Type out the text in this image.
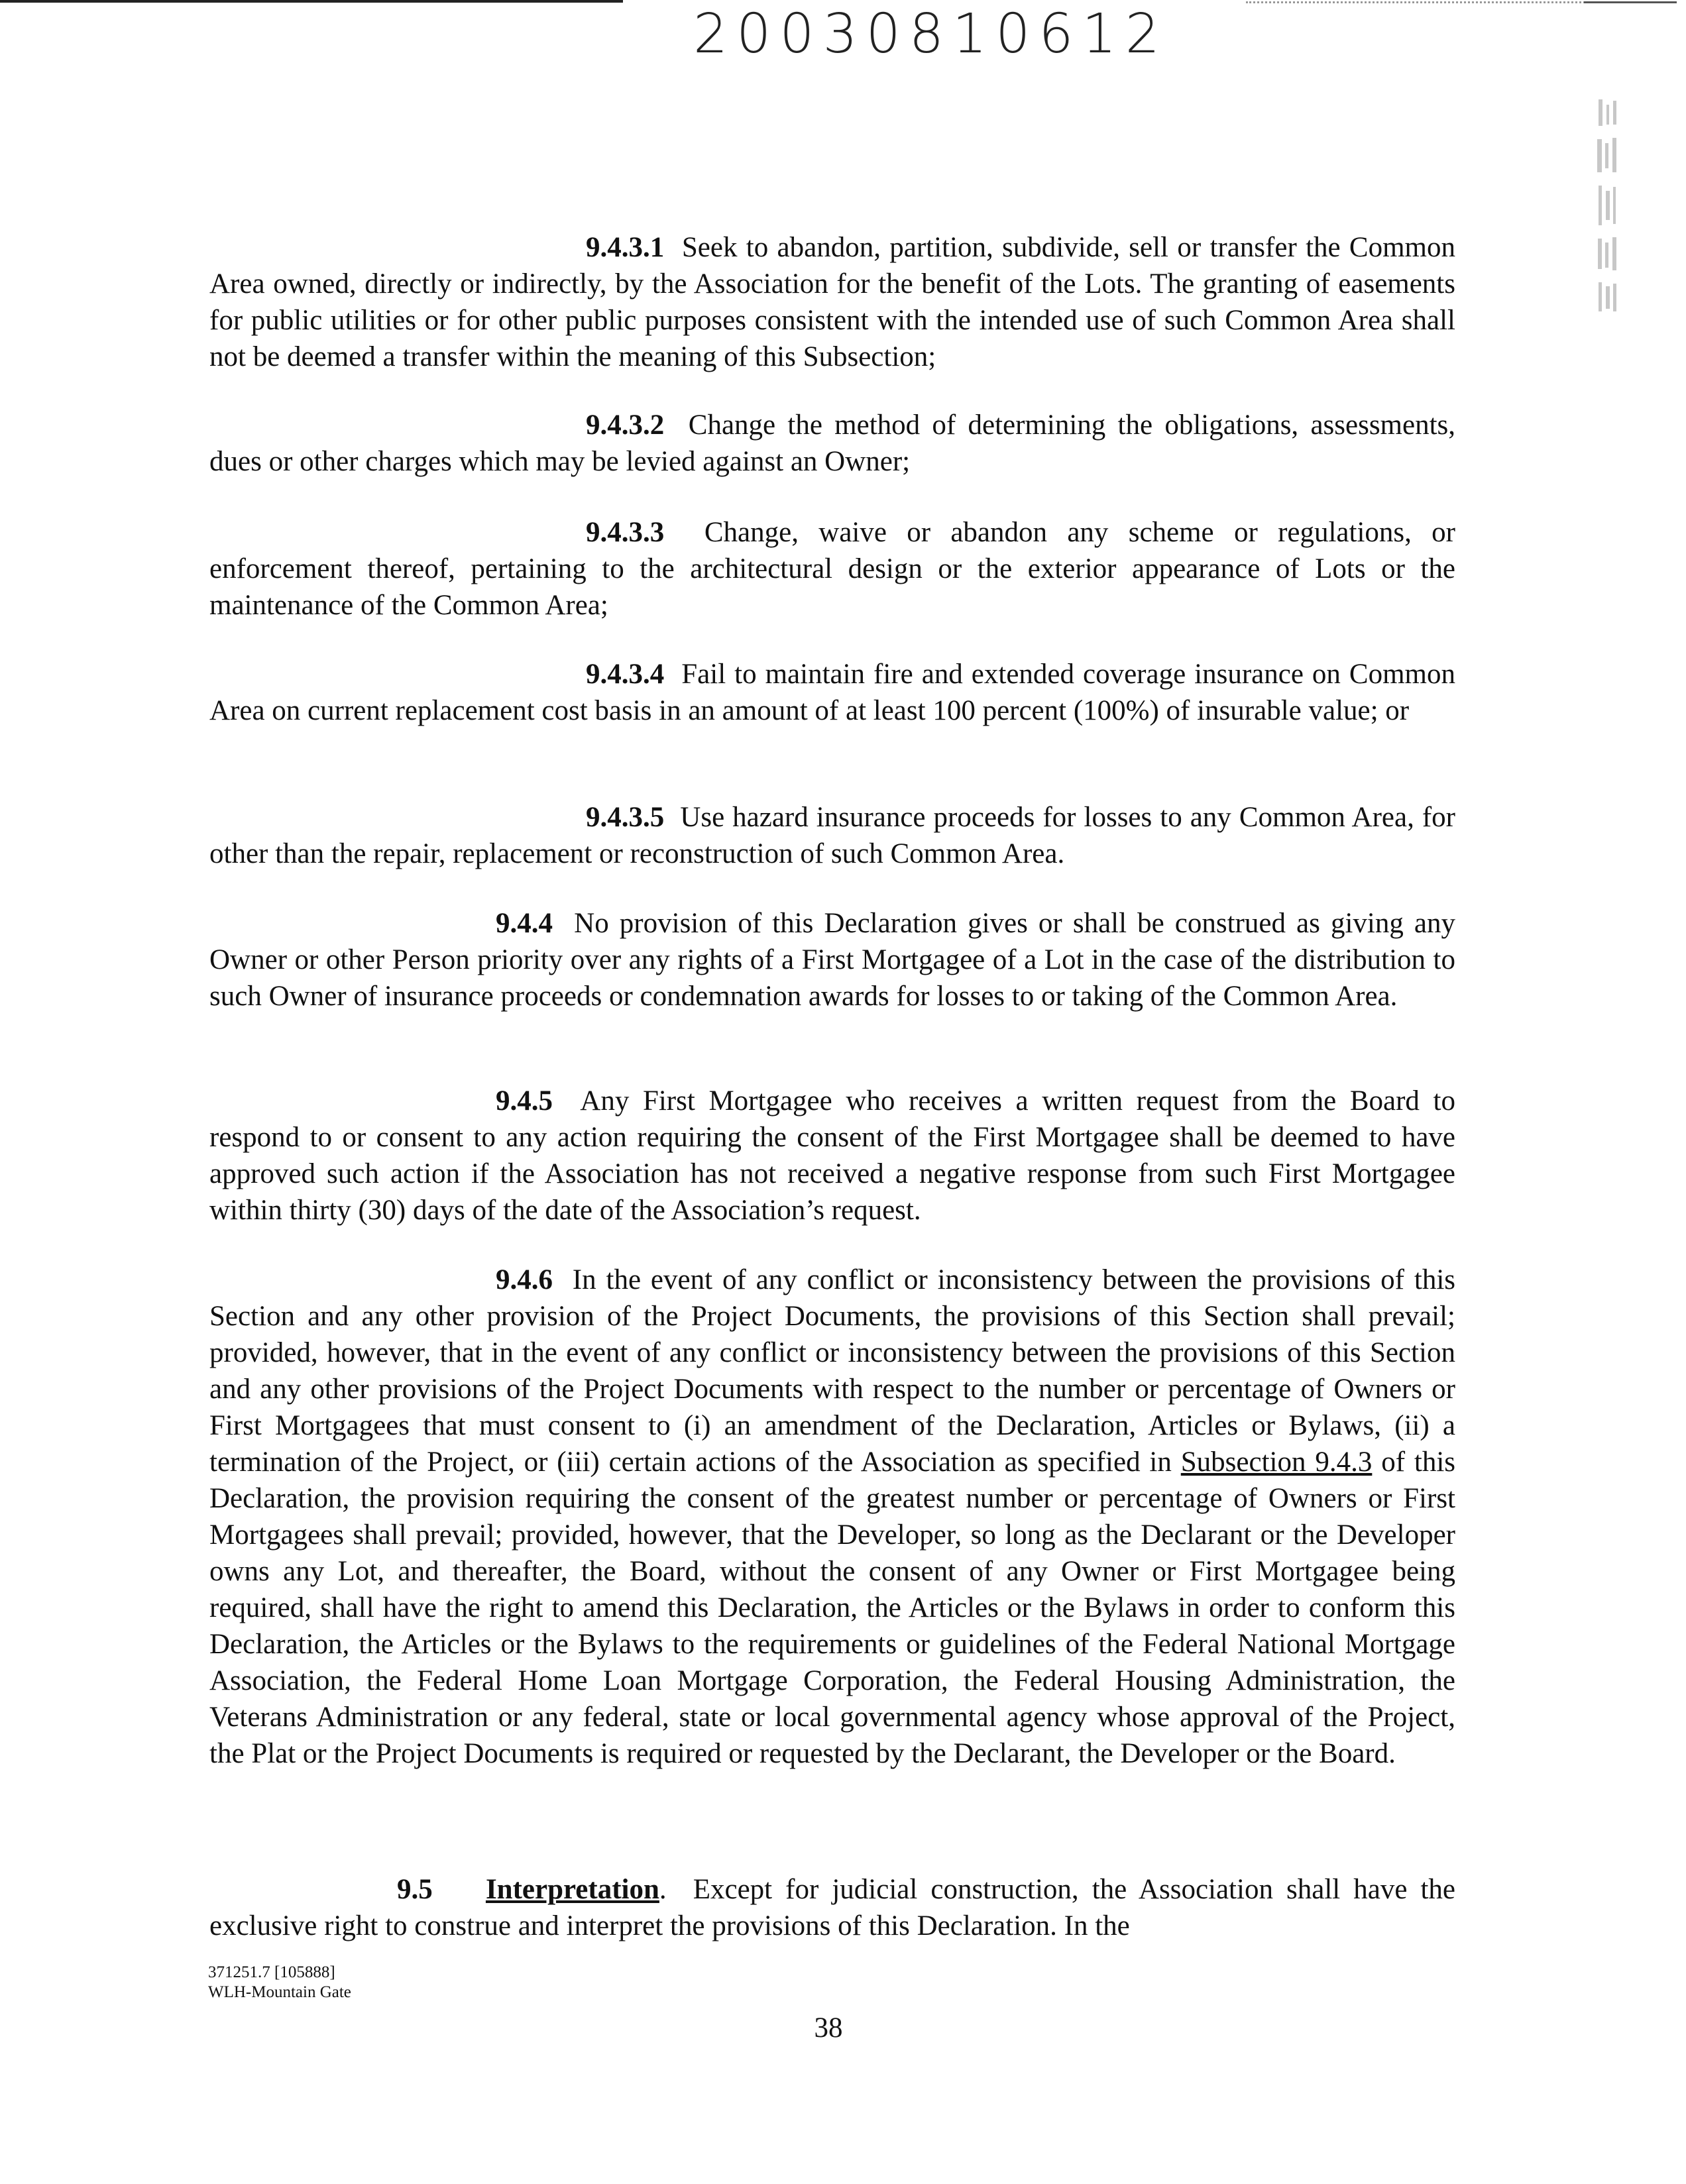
20030810612
9.4.3.1 Seek to abandon, partition, subdivide, sell or transfer the Common Area owned, directly or indirectly, by the Association for the benefit of the Lots. The granting of easements for public utilities or for other public purposes consistent with the intended use of such Common Area shall not be deemed a transfer within the meaning of this Subsection;
9.4.3.2 Change the method of determining the obligations, assessments, dues or other charges which may be levied against an Owner;
9.4.3.3 Change, waive or abandon any scheme or regulations, or enforcement thereof, pertaining to the architectural design or the exterior appearance of Lots or the maintenance of the Common Area;
9.4.3.4 Fail to maintain fire and extended coverage insurance on Common Area on current replacement cost basis in an amount of at least 100 percent (100%) of insurable value; or
9.4.3.5 Use hazard insurance proceeds for losses to any Common Area, for other than the repair, replacement or reconstruction of such Common Area.
9.4.4 No provision of this Declaration gives or shall be construed as giving any Owner or other Person priority over any rights of a First Mortgagee of a Lot in the case of the distribution to such Owner of insurance proceeds or condemnation awards for losses to or taking of the Common Area.
9.4.5 Any First Mortgagee who receives a written request from the Board to respond to or consent to any action requiring the consent of the First Mortgagee shall be deemed to have approved such action if the Association has not received a negative response from such First Mortgagee within thirty (30) days of the date of the Association’s request.
9.4.6 In the event of any conflict or inconsistency between the provisions of this Section and any other provision of the Project Documents, the provisions of this Section shall prevail; provided, however, that in the event of any conflict or inconsistency between the provisions of this Section and any other provisions of the Project Documents with respect to the number or percentage of Owners or First Mortgagees that must consent to (i) an amendment of the Declaration, Articles or Bylaws, (ii) a termination of the Project, or (iii) certain actions of the Association as specified in Subsection 9.4.3 of this Declaration, the provision requiring the consent of the greatest number or percentage of Owners or First Mortgagees shall prevail; provided, however, that the Developer, so long as the Declarant or the Developer owns any Lot, and thereafter, the Board, without the consent of any Owner or First Mortgagee being required, shall have the right to amend this Declaration, the Articles or the Bylaws in order to conform this Declaration, the Articles or the Bylaws to the requirements or guidelines of the Federal National Mortgage Association, the Federal Home Loan Mortgage Corporation, the Federal Housing Administration, the Veterans Administration or any federal, state or local governmental agency whose approval of the Project, the Plat or the Project Documents is required or requested by the Declarant, the Developer or the Board.
9.5 Interpretation.  Except for judicial construction, the Association shall have the exclusive right to construe and interpret the provisions of this Declaration. In the
371251.7 [105888]
WLH-Mountain Gate
38
